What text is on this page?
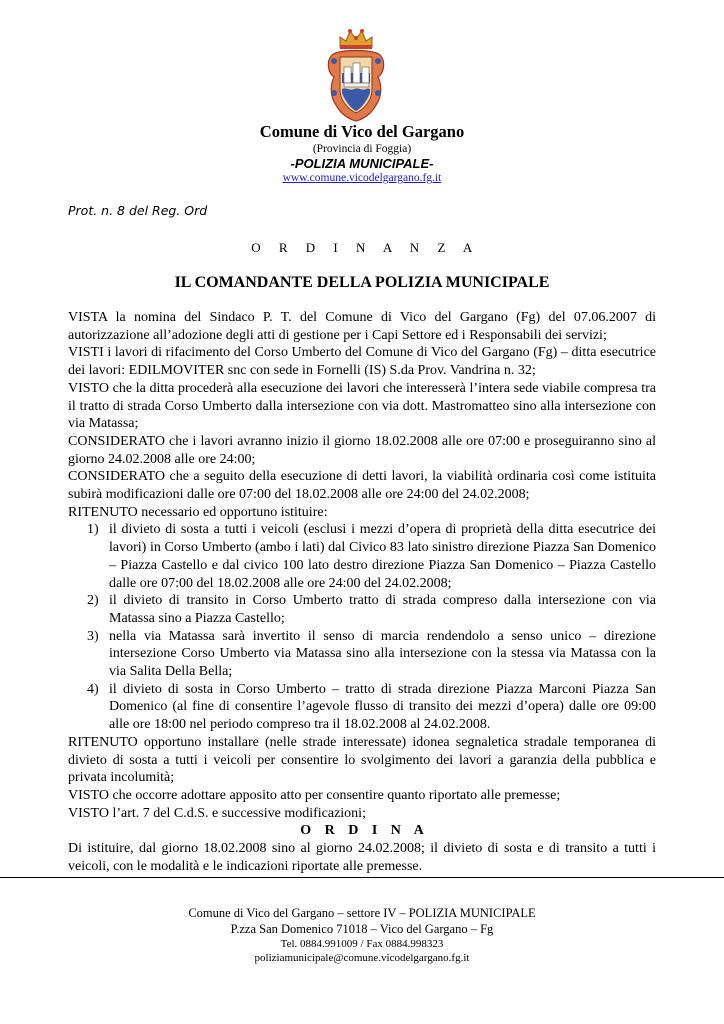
Comune di Vico del Gargano
(Provincia di Foggia)
-POLIZIA MUNICIPALE-
www.comune.vicodelgargano.fg.it
Prot. n. 8 del Reg. Ord
O R D I N A N Z A
IL COMANDANTE DELLA POLIZIA MUNICIPALE

VISTA la nomina del Sindaco P. T. del Comune di Vico del Gargano (Fg) del 07.06.2007 di autorizzazione all’adozione degli atti di gestione per i Capi Settore ed i Responsabili dei servizi;

VISTI i lavori di rifacimento del Corso Umberto del Comune di Vico del Gargano (Fg) – ditta esecutrice dei lavori: EDILMOVITER snc con sede in Fornelli (IS) S.da Prov. Vandrina n. 32;

VISTO che la ditta procederà alla esecuzione dei lavori che interesserà l’intera sede viabile compresa tra il tratto di strada Corso Umberto dalla intersezione con via dott. Mastromatteo sino alla intersezione con via Matassa;

CONSIDERATO che i lavori avranno inizio il giorno 18.02.2008 alle ore 07:00 e proseguiranno sino al giorno 24.02.2008 alle ore 24:00;

CONSIDERATO che a seguito della esecuzione di detti lavori, la viabilità ordinaria così come istituita subirà modificazioni dalle ore 07:00 del 18.02.2008 alle ore 24:00 del 24.02.2008;

RITENUTO necessario ed opportuno istituire:

1) il divieto di sosta a tutti i veicoli (esclusi i mezzi d’opera di proprietà della ditta esecutrice dei lavori) in Corso Umberto (ambo i lati) dal Civico 83 lato sinistro direzione Piazza San Domenico – Piazza Castello e dal civico 100 lato destro direzione Piazza San Domenico – Piazza Castello dalle ore 07:00 del 18.02.2008 alle ore 24:00 del 24.02.2008;
2) il divieto di transito in Corso Umberto tratto di strada compreso dalla intersezione con via Matassa sino a Piazza Castello;
3) nella via Matassa sarà invertito il senso di marcia rendendolo a senso unico – direzione intersezione Corso Umberto via Matassa sino alla intersezione con la stessa via Matassa con la via Salita Della Bella;
4) il divieto di sosta in Corso Umberto – tratto di strada direzione Piazza Marconi Piazza San Domenico (al fine di consentire l’agevole flusso di transito dei mezzi d’opera) dalle ore 09:00 alle ore 18:00 nel periodo compreso tra il 18.02.2008 al 24.02.2008.

RITENUTO opportuno installare (nelle strade interessate) idonea segnaletica stradale temporanea di divieto di sosta a tutti i veicoli per consentire lo svolgimento dei lavori a garanzia della pubblica e privata incolumità;

VISTO che occorre adottare apposito atto per consentire quanto riportato alle premesse;

VISTO l’art. 7 del C.d.S. e successive modificazioni;

O R D I N A

Di istituire, dal giorno 18.02.2008 sino al giorno 24.02.2008; il divieto di sosta e di transito a tutti i veicoli, con le modalità e le indicazioni riportate alle premesse.

Comune di Vico del Gargano – settore IV – POLIZIA MUNICIPALE
P.zza San Domenico 71018 – Vico del Gargano – Fg
Tel. 0884.991009 / Fax 0884.998323
poliziamunicipale@comune.vicodelgargano.fg.it
